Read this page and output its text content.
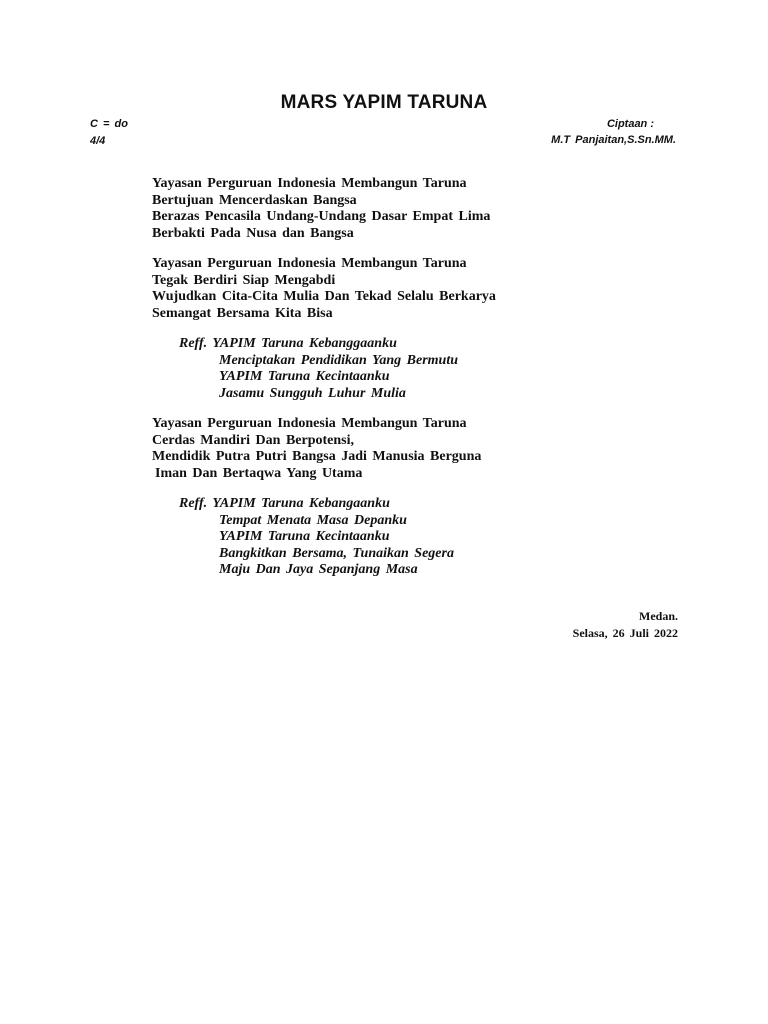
MARS YAPIM TARUNA
C = do
4/4
Ciptaan :
M.T Panjaitan,S.Sn.MM.
Yayasan Perguruan Indonesia Membangun Taruna
Bertujuan Mencerdaskan Bangsa
Berazas Pencasila Undang-Undang Dasar Empat Lima
Berbakti Pada Nusa dan Bangsa
Yayasan Perguruan Indonesia Membangun Taruna
Tegak Berdiri Siap Mengabdi
Wujudkan Cita-Cita Mulia Dan Tekad Selalu Berkarya
Semangat Bersama Kita Bisa
Reff. YAPIM Taruna Kebanggaanku
Menciptakan Pendidikan Yang Bermutu
YAPIM Taruna Kecintaanku
Jasamu Sungguh Luhur Mulia
Yayasan Perguruan Indonesia Membangun Taruna
Cerdas Mandiri Dan Berpotensi,
Mendidik Putra Putri Bangsa Jadi Manusia Berguna
Iman Dan Bertaqwa Yang Utama
Reff. YAPIM Taruna Kebangaanku
Tempat Menata Masa Depanku
YAPIM Taruna Kecintaanku
Bangkitkan Bersama, Tunaikan Segera
Maju Dan Jaya Sepanjang Masa
Medan.
Selasa, 26 Juli 2022
